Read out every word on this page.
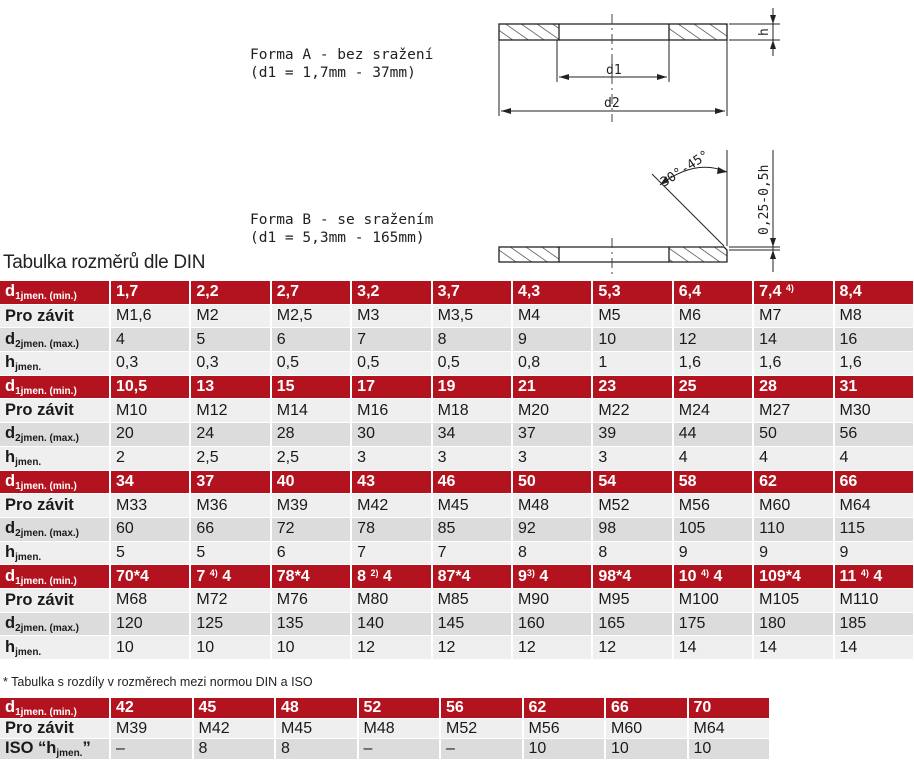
d1
d2
h
Forma A - bez sražení
(d1 = 1,7mm - 37mm)
30°-45°	0,25-0,5h
Forma B - se sražením
(d1 = 5,3mm - 165mm)
Tabulka rozměrů dle DIN
$d_{1jmen. (min.)}$	1,7	2,2	2,7	3,2	3,7	4,3	5,3	6,4	7,4 $^{4)}$	8,4
Pro závit	M1,6	M2	M2,5	M3	M3,5	M4	M5	M6	M7	M8
$d_{2jmen. (max.)}$	4	5	6	7	8	9	10	12	14	16
$h_{jmen.}$	0,3	0,3	0,5	0,5	0,5	0,8	1	1,6	1,6	1,6
$d_{1jmen. (min.)}$	10,5	13	15	17	19	21	23	25	28	31
Pro závit	M10	M12	M14	M16	M18	M20	M22	M24	M27	M30
$d_{2jmen. (max.)}$	20	24	28	30	34	37	39	44	50	56
$h_{jmen.}$	2	2,5	2,5	3	3	3	3	4	4	4
$d_{1jmen. (min.)}$	34	37	40	43	46	50	54	58	62	66
Pro závit	M33	M36	M39	M42	M45	M48	M52	M56	M60	M64
$d_{2jmen. (max.)}$	60	66	72	78	85	92	98	105	110	115
$h_{jmen.}$	5	5	6	7	7	8	8	9	9	9
$d_{1jmen. (min.)}$	70*4	7 $^{4)}$ 4	78*4	8 $^{2)}$ 4	87*4	9$^{3)}$ 4	98*4	10 $^{4)}$ 4	109*4	11 $^{4)}$ 4
Pro závit	M68	M72	M76	M80	M85	M90	M95	M100	M105	M110
$d_{2jmen. (max.)}$	120	125	135	140	145	160	165	175	180	185
$h_{jmen.}$	10	10	10	12	12	12	12	14	14	14
* Tabulka s rozdíly v rozměrech mezi normou DIN a ISO
$d_{1jmen. (min.)}$	42	45	48	52	56	62	66	70
Pro závit	M39	M42	M45	M48	M52	M56	M60	M64
ISO “$h_{jmen.}$”	–	8	8	–	–	10	10	10
